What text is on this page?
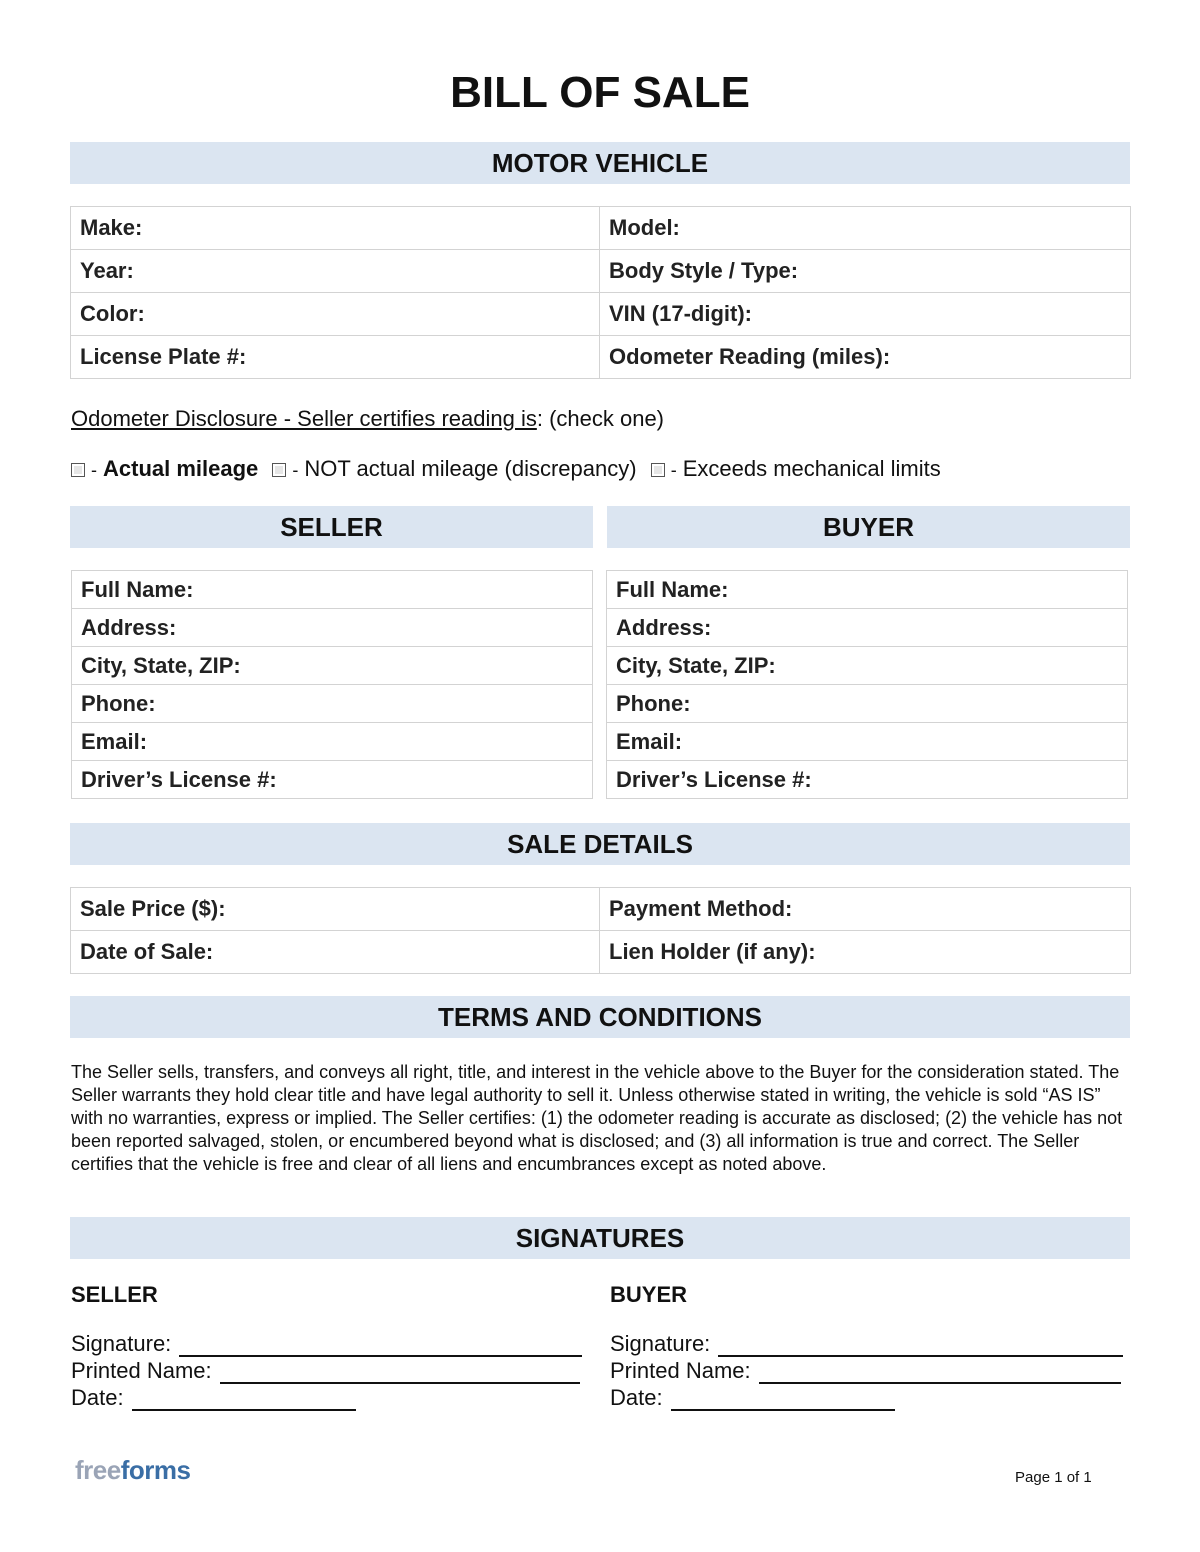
BILL OF SALE
MOTOR VEHICLE
Make:	Model:
Year:	Body Style / Type:
Color:	VIN (17-digit):
License Plate #:	Odometer Reading (miles):
Odometer Disclosure - Seller certifies reading is: (check one)
- Actual mileage - NOT actual mileage (discrepancy) - Exceeds mechanical limits
SELLER	BUYER
Full Name:
Address:
City, State, ZIP:
Phone:
Email:
Driver’s License #:
Full Name:
Address:
City, State, ZIP:
Phone:
Email:
Driver’s License #:
SALE DETAILS
Sale Price ($):	Payment Method:
Date of Sale:	Lien Holder (if any):
TERMS AND CONDITIONS
The Seller sells, transfers, and conveys all right, title, and interest in the vehicle above to the Buyer for the consideration stated. The Seller warrants they hold clear title and have legal authority to sell it. Unless otherwise stated in writing, the vehicle is sold “AS IS” with no warranties, express or implied. The Seller certifies: (1) the odometer reading is accurate as disclosed; (2) the vehicle has not been reported salvaged, stolen, or encumbered beyond what is disclosed; and (3) all information is true and correct. The Seller certifies that the vehicle is free and clear of all liens and encumbrances except as noted above.
SIGNATURES
SELLER
Signature:
Printed Name:
Date:
BUYER
Signature:
Printed Name:
Date:
freeforms	Page 1 of 1
